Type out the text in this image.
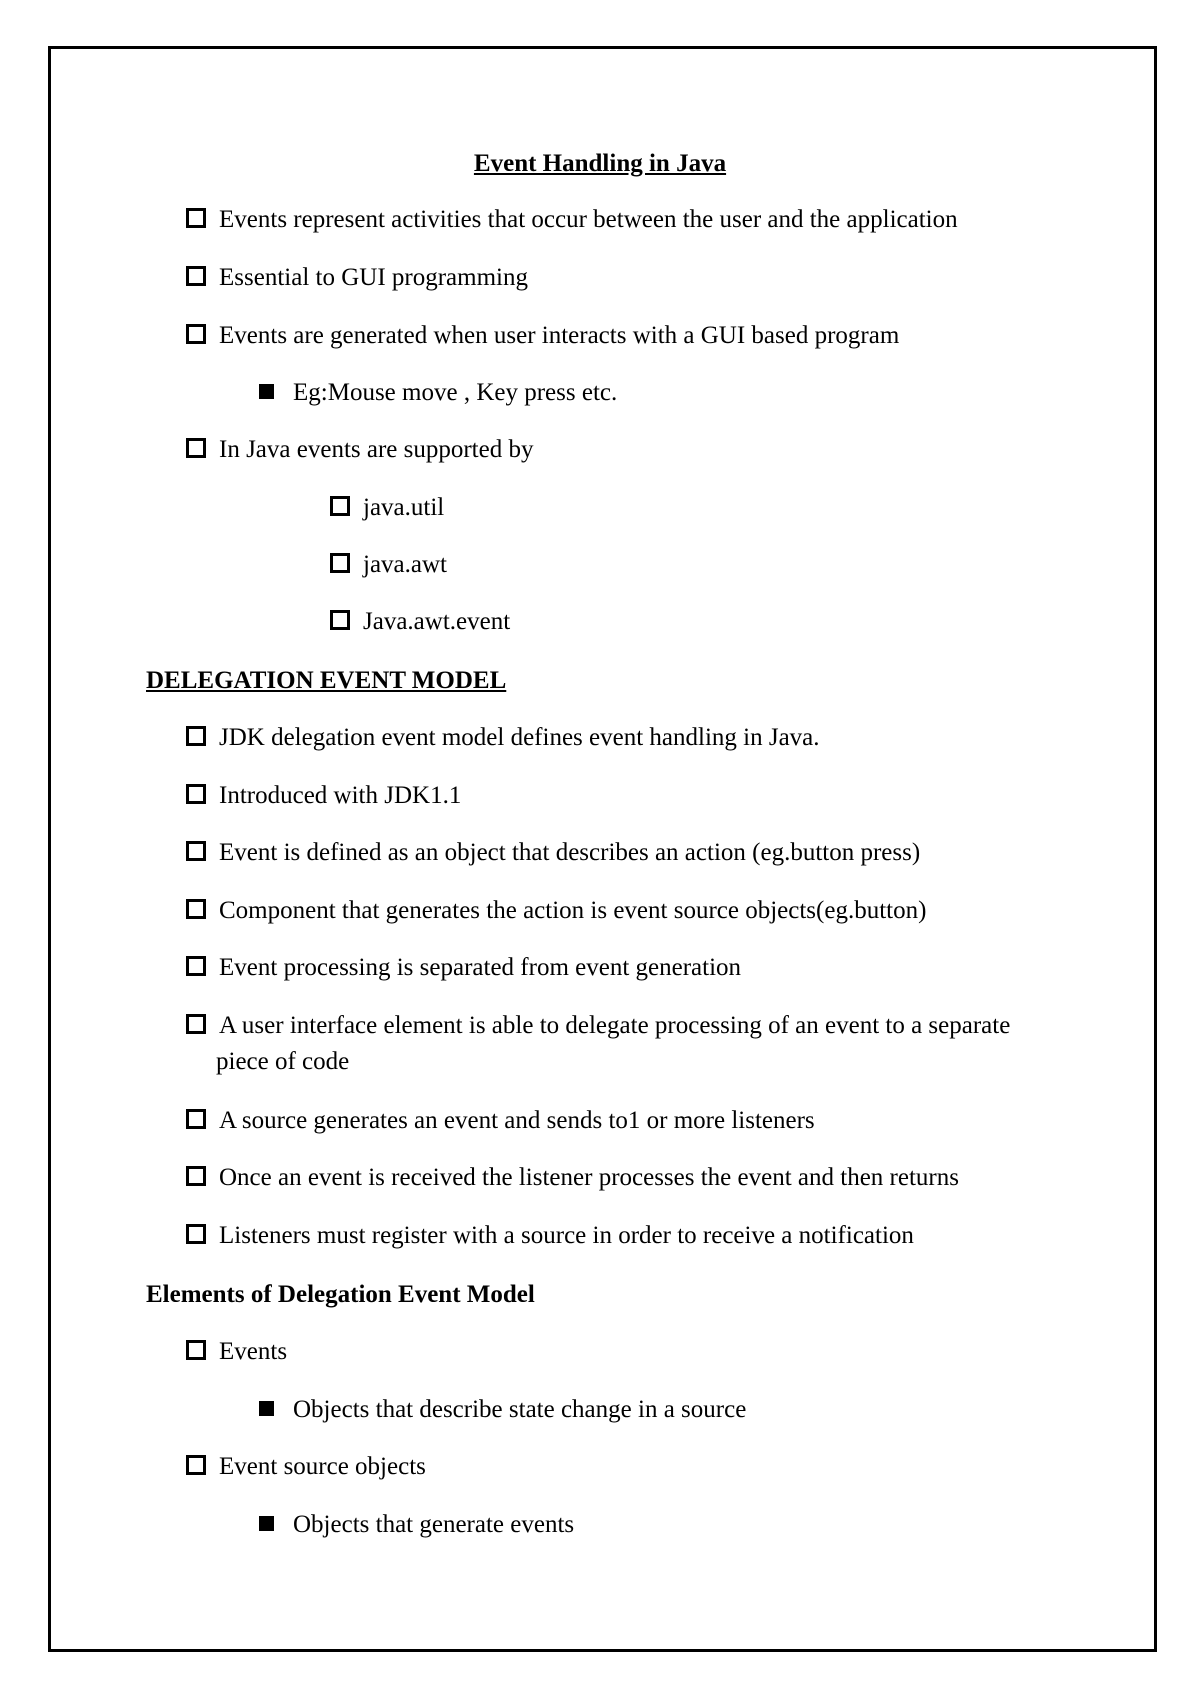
Event Handling in Java
Events represent activities that occur between the user and the application
Essential to GUI programming
Events are generated when user interacts with a GUI based program
Eg:Mouse move , Key press etc.
In Java events are supported by
java.util
java.awt
Java.awt.event
DELEGATION EVENT MODEL
JDK delegation event model defines event handling in Java.
Introduced with JDK1.1
Event is defined as an object that describes an action (eg.button press)
Component that generates the action is event source objects(eg.button)
Event processing is separated from event generation
A user interface element is able to delegate processing of an event to a separate piece of code
A source generates an event and sends to1 or more listeners
Once an event is received the listener processes the event and then returns
Listeners must register with a source in order to receive a notification
Elements of Delegation Event Model
Events
Objects that describe state change in a source
Event source objects
Objects that generate events
